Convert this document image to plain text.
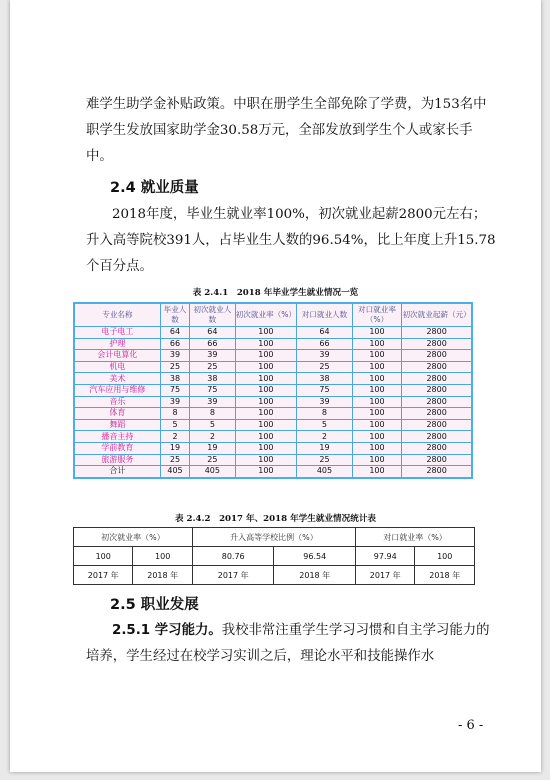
难学生助学金补贴政策。中职在册学生全部免除了学费，为153名中职学生发放国家助学金30.58万元，全部发放到学生个人或家长手中。
2.4 就业质量
2018年度，毕业生就业率100%，初次就业起薪2800元左右；升入高等院校391人，占毕业生人数的96.54%，比上年度上升15.78个百分点。
表 2.4.1　2018 年毕业学生就业情况一览
专业名称	毕业人数	初次就业人数	初次就业率（%）	对口就业人数	对口就业率（%）	初次就业起薪（元）
电子电工	64	64	100	64	100	2800
护理	66	66	100	66	100	2800
会计电算化	39	39	100	39	100	2800
机电	25	25	100	25	100	2800
美术	38	38	100	38	100	2800
汽车应用与维修	75	75	100	75	100	2800
音乐	39	39	100	39	100	2800
体育	8	8	100	8	100	2800
舞蹈	5	5	100	5	100	2800
播音主持	2	2	100	2	100	2800
学前教育	19	19	100	19	100	2800
旅游服务	25	25	100	25	100	2800
合计	405	405	100	405	100	2800
表 2.4.2　2017 年、2018 年学生就业情况统计表
初次就业率（%）		升入高等学校比例（%）		对口就业率（%）	
100	100	80.76	96.54	97.94	100
2017 年	2018 年	2017 年	2018 年	2017 年	2018 年
2.5 职业发展
2.5.1 学习能力。我校非常注重学生学习习惯和自主学习能力的培养，学生经过在校学习实训之后，理论水平和技能操作水
- 6 -
